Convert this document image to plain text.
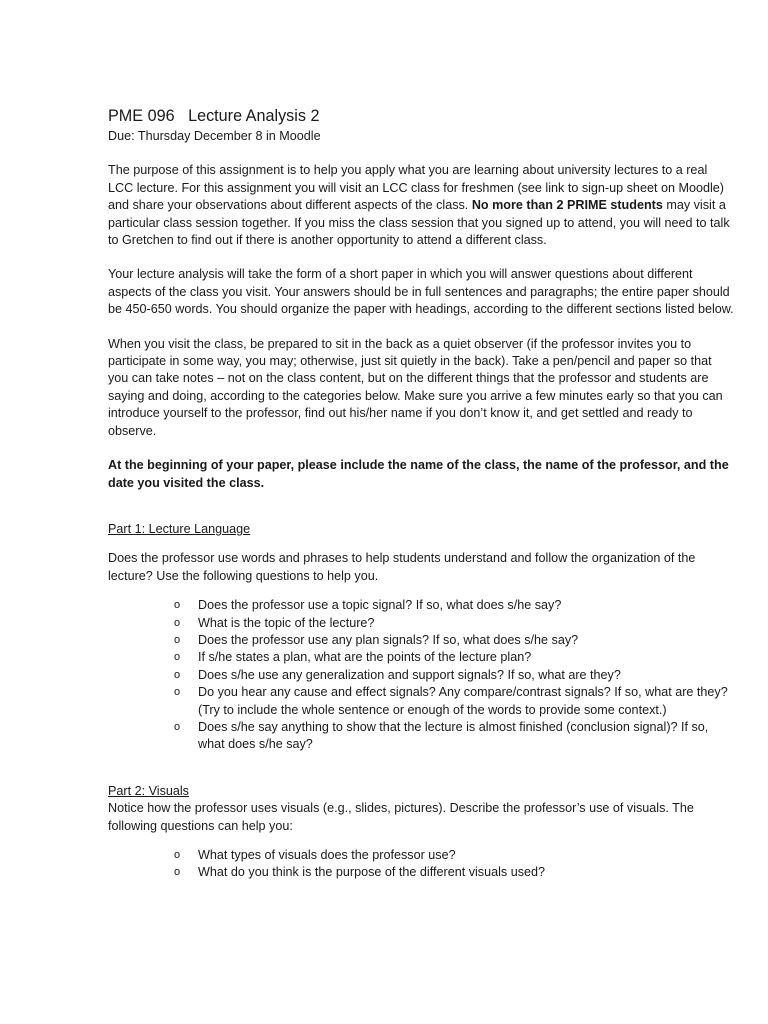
PME 096   Lecture Analysis 2

Due: Thursday December 8 in Moodle

The purpose of this assignment is to help you apply what you are learning about university lectures to a real LCC lecture. For this assignment you will visit an LCC class for freshmen (see link to sign-up sheet on Moodle) and share your observations about different aspects of the class. No more than 2 PRIME students may visit a particular class session together. If you miss the class session that you signed up to attend, you will need to talk to Gretchen to find out if there is another opportunity to attend a different class.

Your lecture analysis will take the form of a short paper in which you will answer questions about different aspects of the class you visit. Your answers should be in full sentences and paragraphs; the entire paper should be 450-650 words. You should organize the paper with headings, according to the different sections listed below.

When you visit the class, be prepared to sit in the back as a quiet observer (if the professor invites you to participate in some way, you may; otherwise, just sit quietly in the back). Take a pen/pencil and paper so that you can take notes – not on the class content, but on the different things that the professor and students are saying and doing, according to the categories below. Make sure you arrive a few minutes early so that you can introduce yourself to the professor, find out his/her name if you don’t know it, and get settled and ready to observe.

At the beginning of your paper, please include the name of the class, the name of the professor, and the date you visited the class.

Part 1: Lecture Language

Does the professor use words and phrases to help students understand and follow the organization of the lecture? Use the following questions to help you.

o Does the professor use a topic signal? If so, what does s/he say?
o What is the topic of the lecture?
o Does the professor use any plan signals? If so, what does s/he say?
o If s/he states a plan, what are the points of the lecture plan?
o Does s/he use any generalization and support signals? If so, what are they?
o Do you hear any cause and effect signals? Any compare/contrast signals? If so, what are they? (Try to include the whole sentence or enough of the words to provide some context.)
o Does s/he say anything to show that the lecture is almost finished (conclusion signal)? If so, what does s/he say?

Part 2: Visuals

Notice how the professor uses visuals (e.g., slides, pictures). Describe the professor’s use of visuals. The following questions can help you:

o What types of visuals does the professor use?
o What do you think is the purpose of the different visuals used?
